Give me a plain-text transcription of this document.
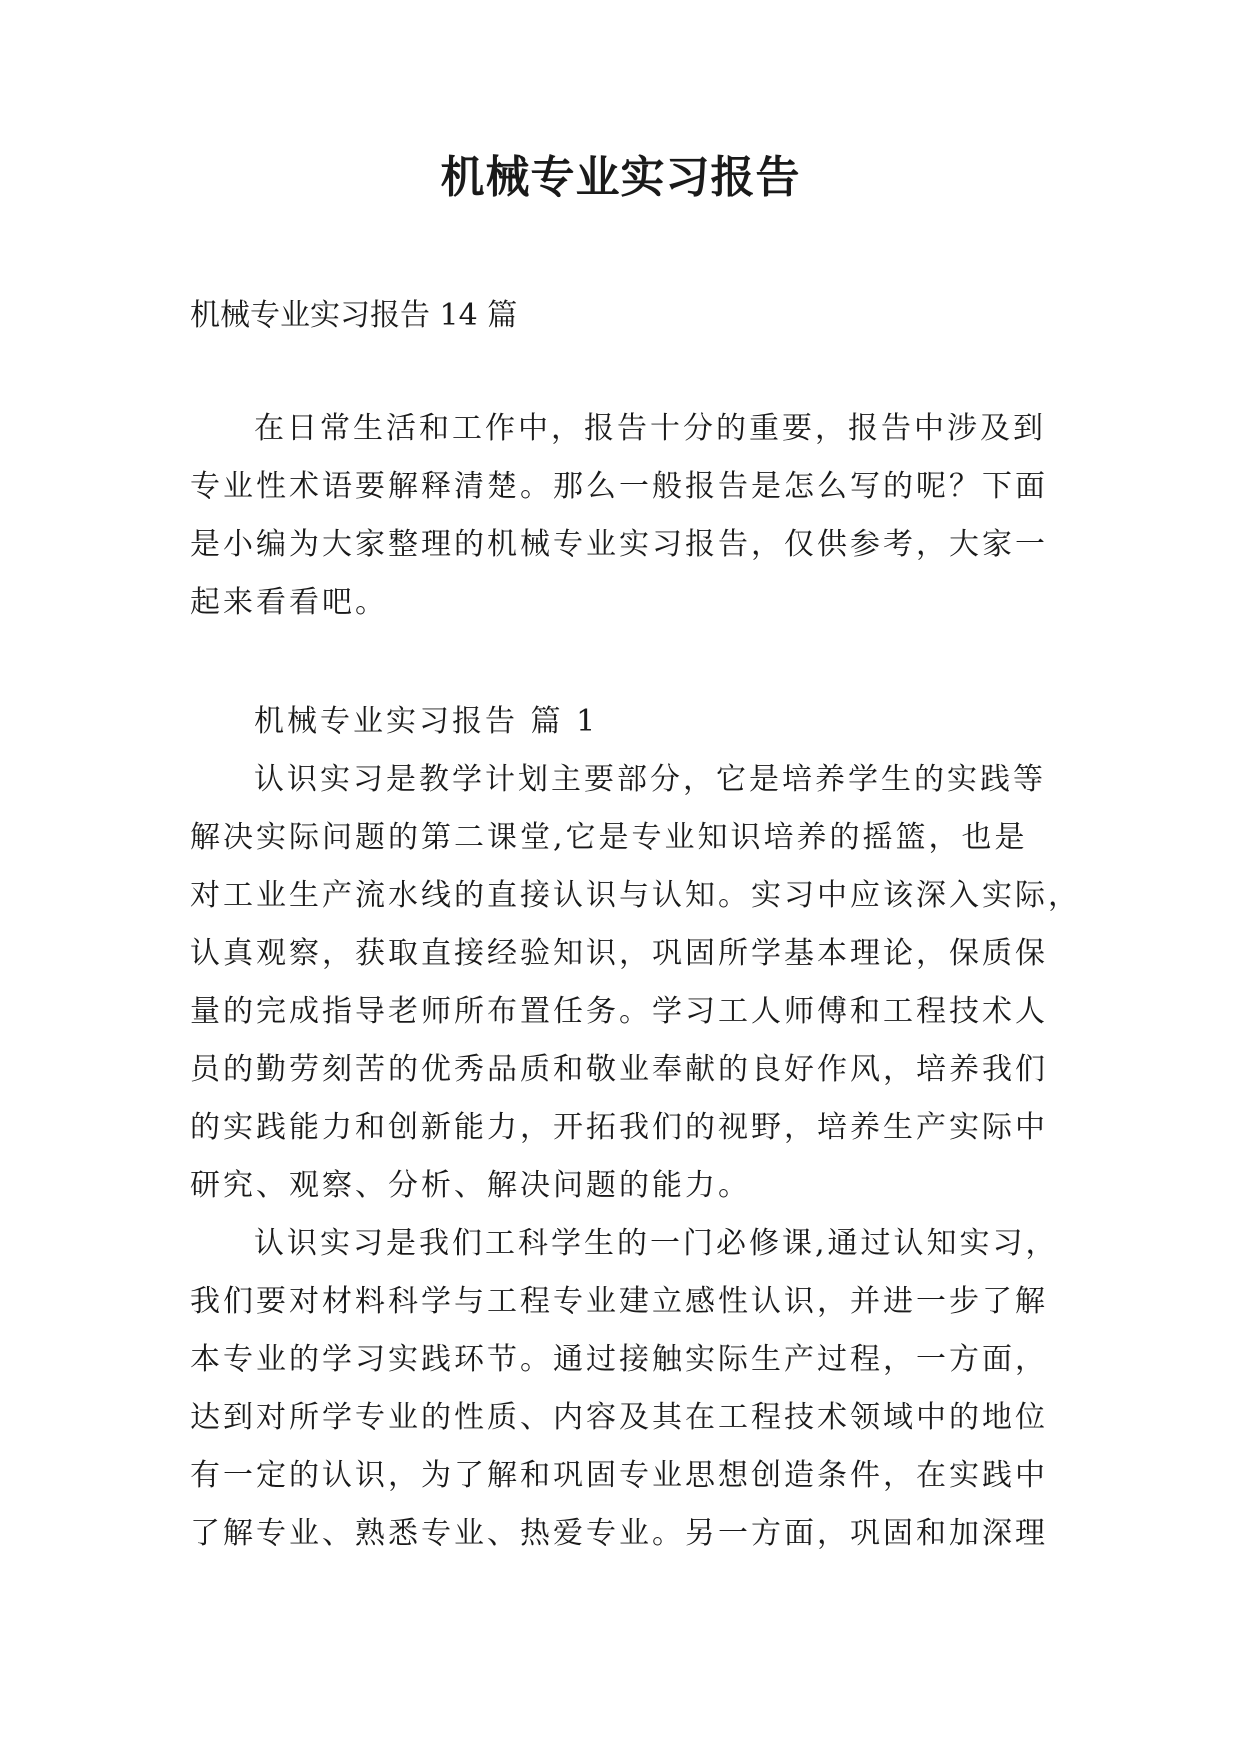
机械专业实习报告
机械专业实习报告 14 篇
在日常生活和工作中，报告十分的重要，报告中涉及到
专业性术语要解释清楚。那么一般报告是怎么写的呢？下面
是小编为大家整理的机械专业实习报告，仅供参考，大家一
起来看看吧。
机械专业实习报告 篇 1
认识实习是教学计划主要部分，它是培养学生的实践等
解决实际问题的第二课堂,它是专业知识培养的摇篮，也是
对工业生产流水线的直接认识与认知。实习中应该深入实际，
认真观察，获取直接经验知识，巩固所学基本理论，保质保
量的完成指导老师所布置任务。学习工人师傅和工程技术人
员的勤劳刻苦的优秀品质和敬业奉献的良好作风，培养我们
的实践能力和创新能力，开拓我们的视野，培养生产实际中
研究、观察、分析、解决问题的能力。
认识实习是我们工科学生的一门必修课,通过认知实习，
我们要对材料科学与工程专业建立感性认识，并进一步了解
本专业的学习实践环节。通过接触实际生产过程，一方面，
达到对所学专业的性质、内容及其在工程技术领域中的地位
有一定的认识，为了解和巩固专业思想创造条件，在实践中
了解专业、熟悉专业、热爱专业。另一方面，巩固和加深理
